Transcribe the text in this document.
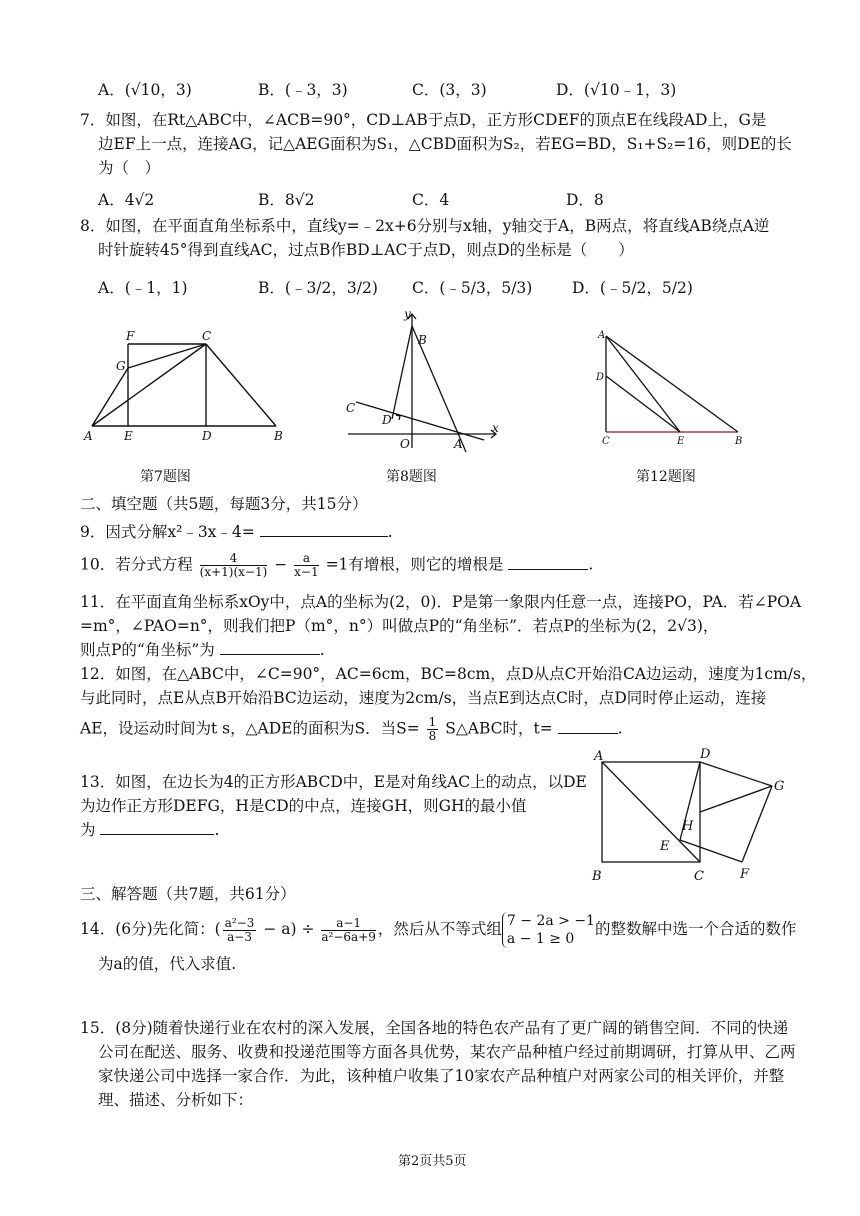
A．(√10，3)	B．(﹣3，3)	C．(3，3)	D．(√10﹣1，3)
7．如图，在Rt△ABC中，∠ACB=90°，CD⊥AB于点D，正方形CDEF的顶点E在线段AD上，G是
边EF上一点，连接AG，记△AEG面积为S₁，△CBD面积为S₂，若EG=BD，S₁+S₂=16，则DE的长
为（　）
A．4√2	B．8√2	C．4	D．8
8．如图，在平面直角坐标系中，直线y=﹣2x+6分别与x轴，y轴交于A，B两点，将直线AB绕点A逆
时针旋转45°得到直线AC，过点B作BD⊥AC于点D，则点D的坐标是（　　）
A．(﹣1，1)	B．(﹣3/2，3/2) C．(﹣5/3，5/3)	D．(﹣5/2，5/2)
F	C
G
A	E	D	B
第7题图
y
B
C
D
O	A
x
第8题图
A
D
C	E	B
第12题图
二、填空题（共5题，每题3分，共15分）
9．因式分解x²﹣3x﹣4=	.
10．若分式方程 $\frac{4}{(x+1)(x-1)} - \frac{a}{x-1} =1$有增根，则它的增根是	.
11．在平面直角坐标系xOy中，点A的坐标为(2，0)．P是第一象限内任意一点，连接PO，PA．若∠POA
=m°，∠PAO=n°，则我们把P（m°，n°）叫做点P的“角坐标”．若点P的坐标为(2，2√3)，
则点P的“角坐标”为	.
12．如图，在△ABC中，∠C=90°，AC=6cm，BC=8cm，点D从点C开始沿CA边运动，速度为1cm/s，
与此同时，点E从点B开始沿BC边运动，速度为2cm/s，当点E到达点C时，点D同时停止运动，连接
AE，设运动时间为t s，△ADE的面积为S．当$S= \frac{1}{8}$ S△ABC时，t=	.
13．如图，在边长为4的正方形ABCD中，E是对角线AC上的动点，以DE
为边作正方形DEFG，H是CD的中点，连接GH，则GH的最小值
为	.
A	D
G
H
E
B	C	F
三、解答题（共7题，共61分）
14．(6分)先化简：( $\frac{\text{a²−3}}{a-3} - a) \div \frac{a-1}{\text{a²−6a+9}}$ ，然后从不等式组 7 − 2a > −1
a − 1 ≥ 0
的整数解中选一个合适的数作
为a的值，代入求值.
15．(8分)随着快递行业在农村的深入发展，全国各地的特色农产品有了更广阔的销售空间．不同的快递
公司在配送、服务、收费和投递范围等方面各具优势，某农产品种植户经过前期调研，打算从甲、乙两
家快递公司中选择一家合作．为此，该种植户收集了10家农产品种植户对两家公司的相关评价，并整
理、描述、分析如下：
第2页共5页
